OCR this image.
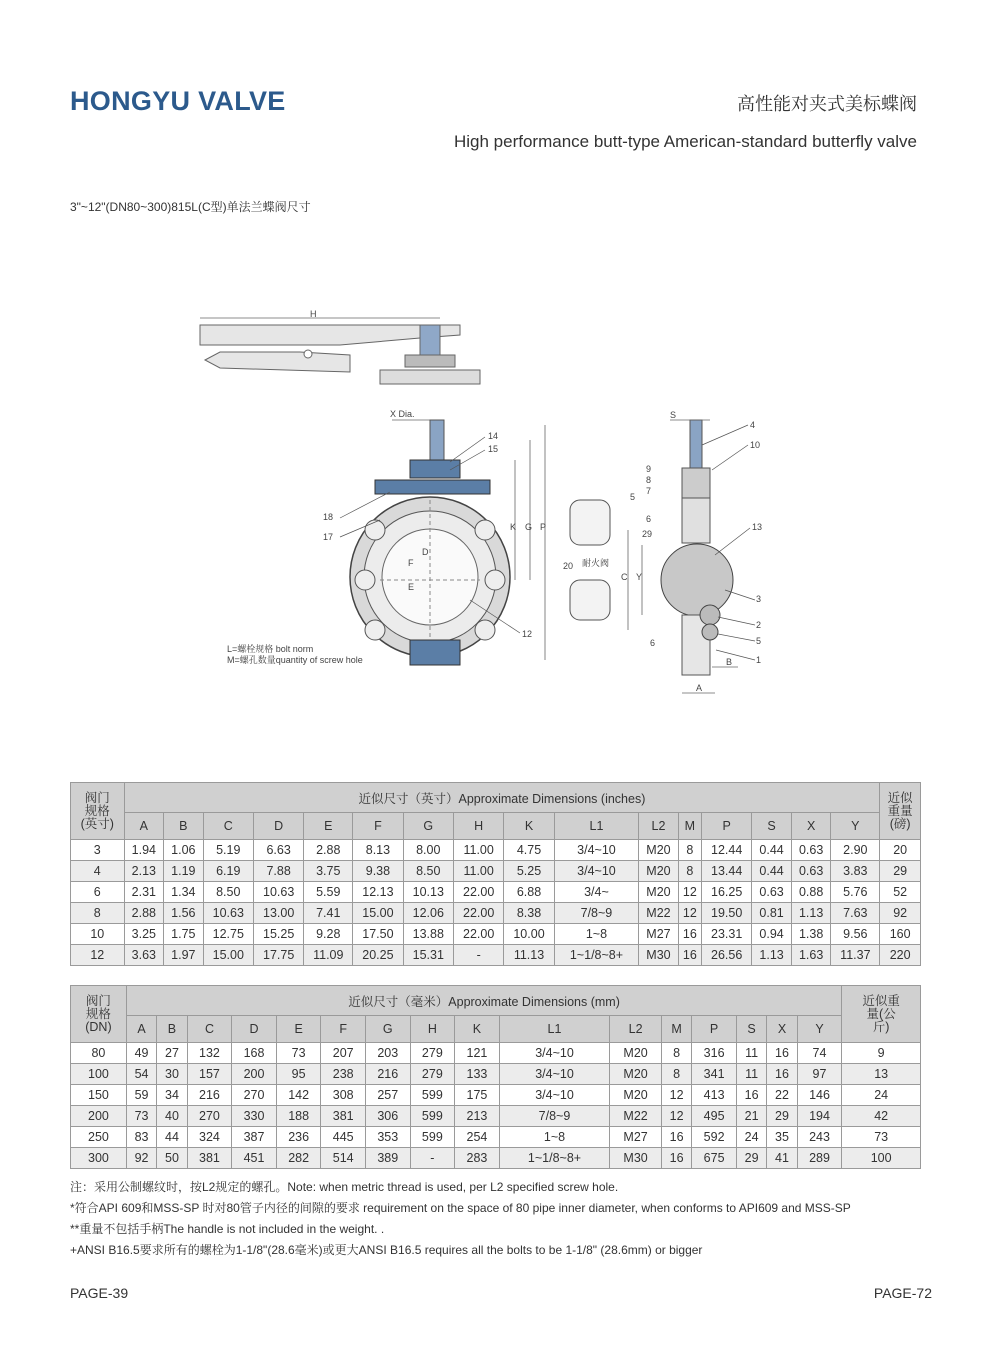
HONGYU VALVE	高性能对夹式美标蝶阀
High performance butt-type American-standard butterfly valve
3"~12"(DN80~300)815L(C型)单法兰蝶阀尺寸
H
X Dia.
D
F
E
K G P
14
15
18
17
12
L=螺栓规格 bolt norm
M=螺孔数量quantity of screw hole
S
C Y
A
B
4
10
9
8
7
5
6
29
13
3
2
5
1
6
20 耐火阀
阀门
规格
(英寸)	近似尺寸（英寸）Approximate Dimensions (inches)																近似
重量
(磅)
	A	B	C	D	E	F	G	H	K	L1	L2	M	P	S	X	Y	
3	1.94	1.06	5.19	6.63	2.88	8.13	8.00	11.00	4.75	3/4~10	M20	8	12.44	0.44	0.63	2.90	20
4	2.13	1.19	6.19	7.88	3.75	9.38	8.50	11.00	5.25	3/4~10	M20	8	13.44	0.44	0.63	3.83	29
6	2.31	1.34	8.50	10.63	5.59	12.13	10.13	22.00	6.88	3/4~	M20	12	16.25	0.63	0.88	5.76	52
8	2.88	1.56	10.63	13.00	7.41	15.00	12.06	22.00	8.38	7/8~9	M22	12	19.50	0.81	1.13	7.63	92
10	3.25	1.75	12.75	15.25	9.28	17.50	13.88	22.00	10.00	1~8	M27	16	23.31	0.94	1.38	9.56	160
12	3.63	1.97	15.00	17.75	11.09	20.25	15.31	-	11.13	1~1/8~8+	M30	16	26.56	1.13	1.63	11.37	220
阀门
规格
(DN)	近似尺寸（毫米）Approximate Dimensions (mm)																近似重
量(公
斤)
	A	B	C	D	E	F	G	H	K	L1	L2	M	P	S	X	Y	
80	49	27	132	168	73	207	203	279	121	3/4~10	M20	8	316	11	16	74	9
100	54	30	157	200	95	238	216	279	133	3/4~10	M20	8	341	11	16	97	13
150	59	34	216	270	142	308	257	599	175	3/4~10	M20	12	413	16	22	146	24
200	73	40	270	330	188	381	306	599	213	7/8~9	M22	12	495	21	29	194	42
250	83	44	324	387	236	445	353	599	254	1~8	M27	16	592	24	35	243	73
300	92	50	381	451	282	514	389	-	283	1~1/8~8+	M30	16	675	29	41	289	100
注：采用公制螺纹时，按L2规定的螺孔。Note: when metric thread is used, per L2 specified screw hole.
*符合API 609和MSS-SP 时对80管子内径的间隙的要求 requirement on the space of 80 pipe inner diameter, when conforms to API609 and MSS-SP
**重量不包括手柄The handle is not included in the weight. .
+ANSI B16.5要求所有的螺栓为1-1/8"(28.6毫米)或更大ANSI B16.5 requires all the bolts to be 1-1/8" (28.6mm) or bigger
PAGE-39	PAGE-72
